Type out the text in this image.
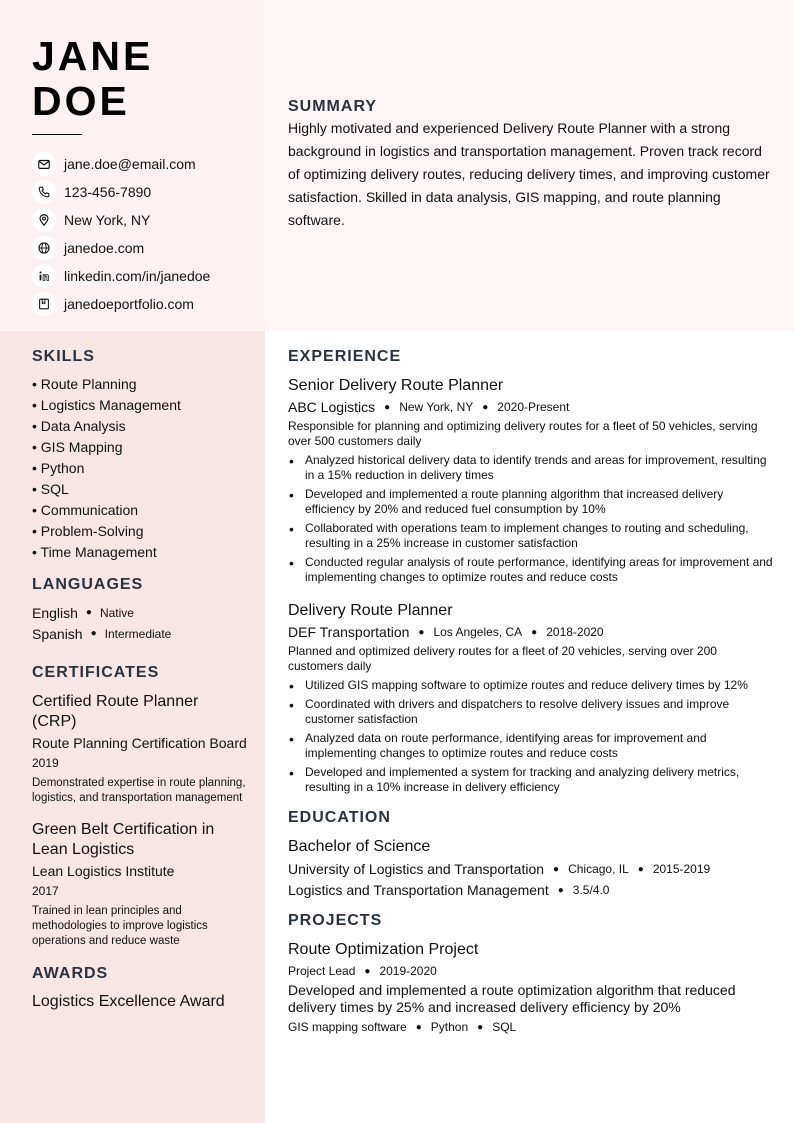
JANE
DOE
jane.doe@email.com
123-456-7890
New York, NY
janedoe.com
linkedin.com/in/janedoe
janedoeportfolio.com
SUMMARY

Highly motivated and experienced Delivery Route Planner with a strong background in logistics and transportation management. Proven track record of optimizing delivery routes, reducing delivery times, and improving customer satisfaction. Skilled in data analysis, GIS mapping, and route planning software.

SKILLS
• Route Planning
• Logistics Management
• Data Analysis
• GIS Mapping
• Python
• SQL
• Communication
• Problem-Solving
• Time Management
LANGUAGES
English ● Native
Spanish ● Intermediate
CERTIFICATES
Certified Route Planner (CRP)
Route Planning Certification Board
2019
Demonstrated expertise in route planning, logistics, and transportation management
Green Belt Certification in Lean Logistics
Lean Logistics Institute
2017
Trained in lean principles and methodologies to improve logistics operations and reduce waste
AWARDS
Logistics Excellence Award
EXPERIENCE
Senior Delivery Route Planner
ABC Logistics ● New York, NY ● 2020-Present
Responsible for planning and optimizing delivery routes for a fleet of 50 vehicles, serving over 500 customers daily
• Analyzed historical delivery data to identify trends and areas for improvement, resulting in a 15% reduction in delivery times
• Developed and implemented a route planning algorithm that increased delivery efficiency by 20% and reduced fuel consumption by 10%
• Collaborated with operations team to implement changes to routing and scheduling, resulting in a 25% increase in customer satisfaction
• Conducted regular analysis of route performance, identifying areas for improvement and implementing changes to optimize routes and reduce costs
Delivery Route Planner
DEF Transportation ● Los Angeles, CA ● 2018-2020
Planned and optimized delivery routes for a fleet of 20 vehicles, serving over 200 customers daily
• Utilized GIS mapping software to optimize routes and reduce delivery times by 12%
• Coordinated with drivers and dispatchers to resolve delivery issues and improve customer satisfaction
• Analyzed data on route performance, identifying areas for improvement and implementing changes to optimize routes and reduce costs
• Developed and implemented a system for tracking and analyzing delivery metrics, resulting in a 10% increase in delivery efficiency
EDUCATION
Bachelor of Science
University of Logistics and Transportation ● Chicago, IL ● 2015-2019
Logistics and Transportation Management ● 3.5/4.0
PROJECTS
Route Optimization Project
Project Lead ● 2019-2020
Developed and implemented a route optimization algorithm that reduced delivery times by 25% and increased delivery efficiency by 20%
GIS mapping software ● Python ● SQL
